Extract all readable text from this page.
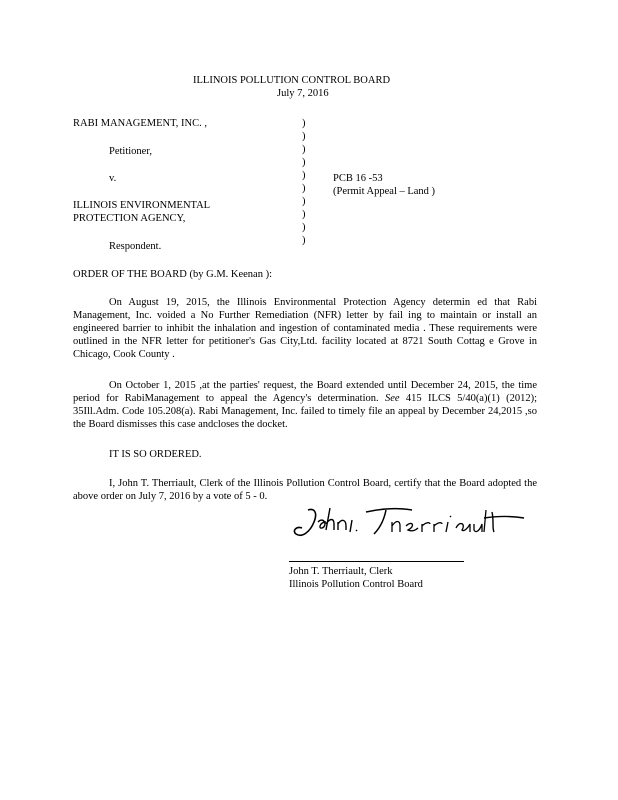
ILLINOIS POLLUTION CONTROL BOARD
July 7, 2016
RABI MANAGEMENT, INC. ,
Petitioner,
v.
ILLINOIS ENVIRONMENTAL
PROTECTION AGENCY,
Respondent.
)
)
)
)
)
)
)
)
)
)
PCB 16 -53
(Permit Appeal – Land )
ORDER OF THE BOARD (by G.M. Keenan ):
On August 19, 2015, the Illinois Environmental Protection Agency determin ed that Rabi Management, Inc. voided a No Further Remediation (NFR) letter by fail ing to maintain or install an engineered barrier to inhibit the inhalation and ingestion of contaminated media . These requirements were outlined in the NFR letter for petitioner's Gas City,Ltd. facility located at 8721 South Cottag e Grove in Chicago, Cook County .
On October 1, 2015 ,at the parties' request, the Board extended until December 24, 2015, the time period for RabiManagement to appeal the Agency's determination. See 415 ILCS 5/40(a)(1) (2012); 35Ill.Adm. Code 105.208(a). Rabi Management, Inc. failed to timely file an appeal by December 24,2015 ,so the Board dismisses this case andcloses the docket.
IT IS SO ORDERED.
I, John T. Therriault, Clerk of the Illinois Pollution Control Board, certify that the Board adopted the above order on July 7, 2016 by a vote of 5 - 0.
John T. Therriault, Clerk
Illinois Pollution Control Board
